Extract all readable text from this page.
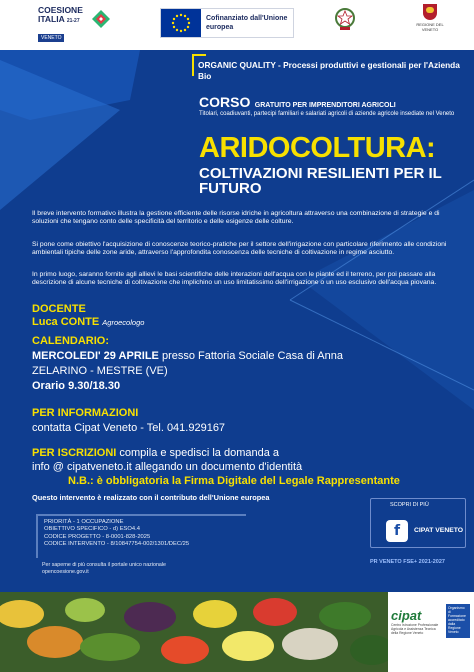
COESIONE
ITALIA 21-27
VENETO
Cofinanziato dall'Unione europea	REGIONE DEL VENETO
ORGANIC QUALITY - Processi produttivi e gestionali per l'Azienda Bio
CORSO GRATUITO PER IMPRENDITORI AGRICOLI
Titolari, coadiuvanti, partecipi familiari e salariati agricoli di aziende agricole insediate nel Veneto
ARIDOCOLTURA:
COLTIVAZIONI RESILIENTI PER IL FUTURO
Il breve intervento formativo illustra la gestione efficiente delle risorse idriche in agricoltura attraverso una combinazione di strategie e di soluzioni che tengano conto delle specificità del territorio e delle esigenze delle colture.
Si pone come obiettivo l'acquisizione di conoscenze teorico-pratiche per il settore dell'irrigazione con particolare riferimento alle condizioni ambientali tipiche delle zone aride, attraverso l'approfondita conoscenza delle tecniche di coltivazione in regime asciutto.
In primo luogo, saranno fornite agli allievi le basi scientifiche delle interazioni dell'acqua con le piante ed il terreno, per poi passare alla descrizione di alcune tecniche di coltivazione che implichino un uso limitatissimo dell'irrigazione o un uso esclusivo dell'acqua piovana.
DOCENTE
Luca CONTE Agroecologo
CALENDARIO:
MERCOLEDI' 29 APRILE presso Fattoria Sociale Casa di Anna
ZELARINO - MESTRE (VE)
Orario 9.30/18.30
PER INFORMAZIONI
contatta Cipat Veneto - Tel. 041.929167
PER ISCRIZIONI compila e spedisci la domanda a
info @ cipatveneto.it allegando un documento d'identità
N.B.: è obbligatoria la Firma Digitale del Legale Rappresentante
Questo intervento è realizzato con il contributo dell'Unione europea
PRIORITÀ - 1 OCCUPAZIONE
OBIETTIVO SPECIFICO - d) ESO4.4
CODICE PROGETTO - 8-0001-828-2025
CODICE INTERVENTO - 8/10847754-002/1301/DEC/25
Per saperne di più consulta il portale unico nazionale
opencoesione.gov.it
SCOPRI DI PIÙ
f	CIPAT VENETO
PR VENETO FSE+ 2021-2027
cipat
Centro Istruzione Professionale Agricola e Assistenza Tecnica della Regione Veneto
Organismo di Formazione accreditato dalla Regione Veneto
